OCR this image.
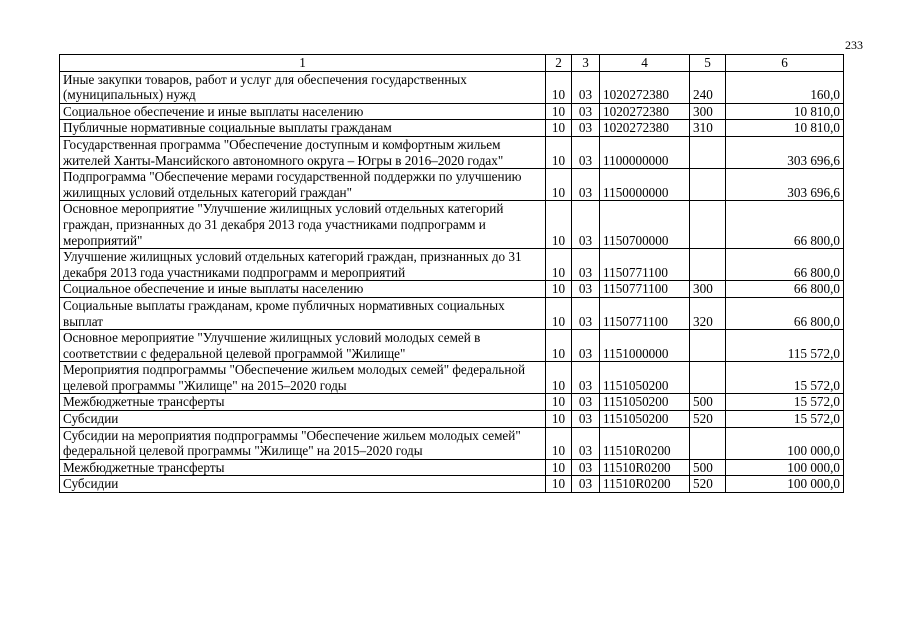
233
1	2	3	4	5	6
Иные закупки товаров, работ и услуг для обеспечения государственных (муниципальных) нужд	10	03	1020272380	240	160,0
Социальное обеспечение и иные выплаты населению	10	03	1020272380	300	10 810,0
Публичные нормативные социальные выплаты гражданам	10	03	1020272380	310	10 810,0
Государственная программа "Обеспечение доступным и комфортным жильем жителей Ханты-Мансийского автономного округа – Югры в 2016–2020 годах"	10	03	1100000000		303 696,6
Подпрограмма "Обеспечение мерами государственной поддержки по улучшению жилищных условий отдельных категорий граждан"	10	03	1150000000		303 696,6
Основное мероприятие "Улучшение жилищных условий отдельных категорий граждан, признанных до 31 декабря 2013 года участниками подпрограмм и мероприятий"	10	03	1150700000		66 800,0
Улучшение жилищных условий отдельных категорий граждан, признанных до 31 декабря 2013 года участниками подпрограмм и мероприятий	10	03	1150771100		66 800,0
Социальное обеспечение и иные выплаты населению	10	03	1150771100	300	66 800,0
Социальные выплаты гражданам, кроме публичных нормативных социальных выплат	10	03	1150771100	320	66 800,0
Основное мероприятие "Улучшение жилищных условий молодых семей в соответствии с федеральной целевой программой "Жилище"	10	03	1151000000		115 572,0
Мероприятия подпрограммы "Обеспечение жильем молодых семей" федеральной целевой программы "Жилище" на 2015–2020 годы	10	03	1151050200		15 572,0
Межбюджетные трансферты	10	03	1151050200	500	15 572,0
Субсидии	10	03	1151050200	520	15 572,0
Субсидии на мероприятия подпрограммы "Обеспечение жильем молодых семей" федеральной целевой программы "Жилище" на 2015–2020 годы	10	03	11510R0200		100 000,0
Межбюджетные трансферты	10	03	11510R0200	500	100 000,0
Субсидии	10	03	11510R0200	520	100 000,0
